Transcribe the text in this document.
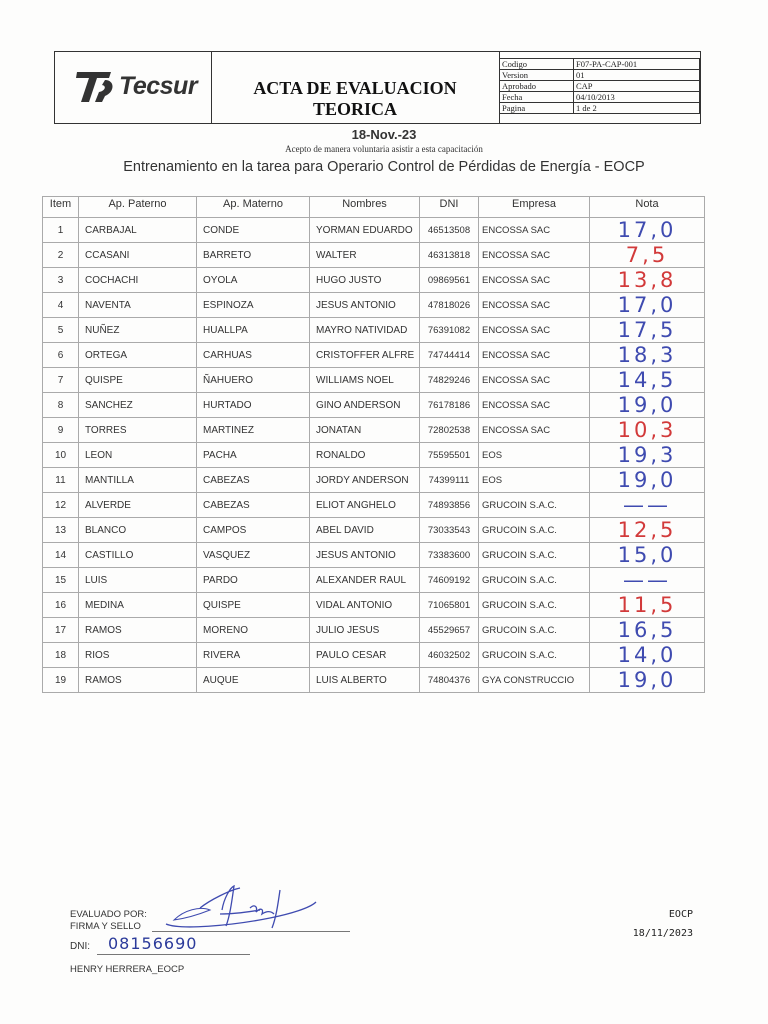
Tecsur	ACTA DE EVALUACION
TEORICA
Codigo	F07-PA-CAP-001
Version	01
Aprobado	CAP
Fecha	04/10/2013
Pagina	1 de 2
18-Nov.-23
Acepto de manera voluntaria asistir a esta capacitación
Entrenamiento en la tarea para Operario Control de Pérdidas de Energía - EOCP
Item	Ap. Paterno	Ap. Materno	Nombres	DNI	Empresa	Nota
1	CARBAJAL	CONDE	YORMAN EDUARDO	46513508	ENCOSSA SAC	17,0
2	CCASANI	BARRETO	WALTER	46313818	ENCOSSA SAC	7,5
3	COCHACHI	OYOLA	HUGO JUSTO	09869561	ENCOSSA SAC	13,8
4	NAVENTA	ESPINOZA	JESUS ANTONIO	47818026	ENCOSSA SAC	17,0
5	NUÑEZ	HUALLPA	MAYRO NATIVIDAD	76391082	ENCOSSA SAC	17,5
6	ORTEGA	CARHUAS	CRISTOFFER ALFRE	74744414	ENCOSSA SAC	18,3
7	QUISPE	ÑAHUERO	WILLIAMS NOEL	74829246	ENCOSSA SAC	14,5
8	SANCHEZ	HURTADO	GINO ANDERSON	76178186	ENCOSSA SAC	19,0
9	TORRES	MARTINEZ	JONATAN	72802538	ENCOSSA SAC	10,3
10	LEON	PACHA	RONALDO	75595501	EOS	19,3
11	MANTILLA	CABEZAS	JORDY ANDERSON	74399111	EOS	19,0
12	ALVERDE	CABEZAS	ELIOT ANGHELO	74893856	GRUCOIN S.A.C.	——
13	BLANCO	CAMPOS	ABEL DAVID	73033543	GRUCOIN S.A.C.	12,5
14	CASTILLO	VASQUEZ	JESUS ANTONIO	73383600	GRUCOIN S.A.C.	15,0
15	LUIS	PARDO	ALEXANDER RAUL	74609192	GRUCOIN S.A.C.	——
16	MEDINA	QUISPE	VIDAL ANTONIO	71065801	GRUCOIN S.A.C.	11,5
17	RAMOS	MORENO	JULIO JESUS	45529657	GRUCOIN S.A.C.	16,5
18	RIOS	RIVERA	PAULO CESAR	46032502	GRUCOIN S.A.C.	14,0
19	RAMOS	AUQUE	LUIS ALBERTO	74804376	GYA CONSTRUCCIO	19,0
EVALUADO POR:
FIRMA Y SELLO
DNI: 08156690
HENRY HERRERA_EOCP
EOCP
18/11/2023
